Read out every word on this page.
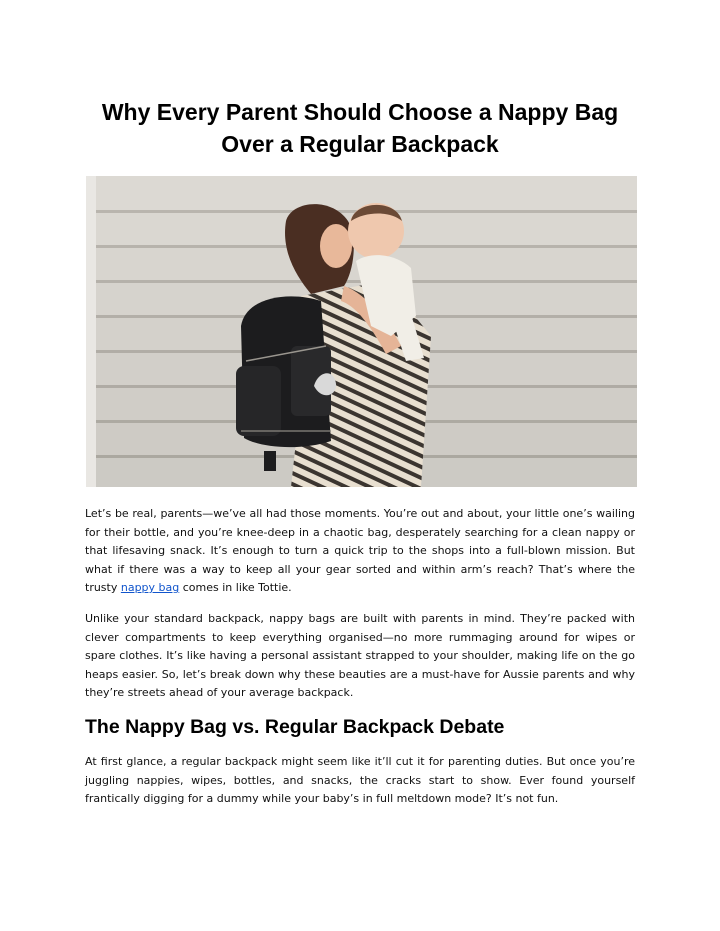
Why Every Parent Should Choose a Nappy Bag
Over a Regular Backpack
Let’s be real, parents—we’ve all had those moments. You’re out and about, your little one’s wailing for their bottle, and you’re knee-deep in a chaotic bag, desperately searching for a clean nappy or that lifesaving snack. It’s enough to turn a quick trip to the shops into a full-blown mission. But what if there was a way to keep all your gear sorted and within arm’s reach? That’s where the trusty nappy bag comes in like Tottie.
Unlike your standard backpack, nappy bags are built with parents in mind. They’re packed with clever compartments to keep everything organised—no more rummaging around for wipes or spare clothes. It’s like having a personal assistant strapped to your shoulder, making life on the go heaps easier. So, let’s break down why these beauties are a must-have for Aussie parents and why they’re streets ahead of your average backpack.
The Nappy Bag vs. Regular Backpack Debate
At first glance, a regular backpack might seem like it’ll cut it for parenting duties. But once you’re juggling nappies, wipes, bottles, and snacks, the cracks start to show. Ever found yourself frantically digging for a dummy while your baby’s in full meltdown mode? It’s not fun.
